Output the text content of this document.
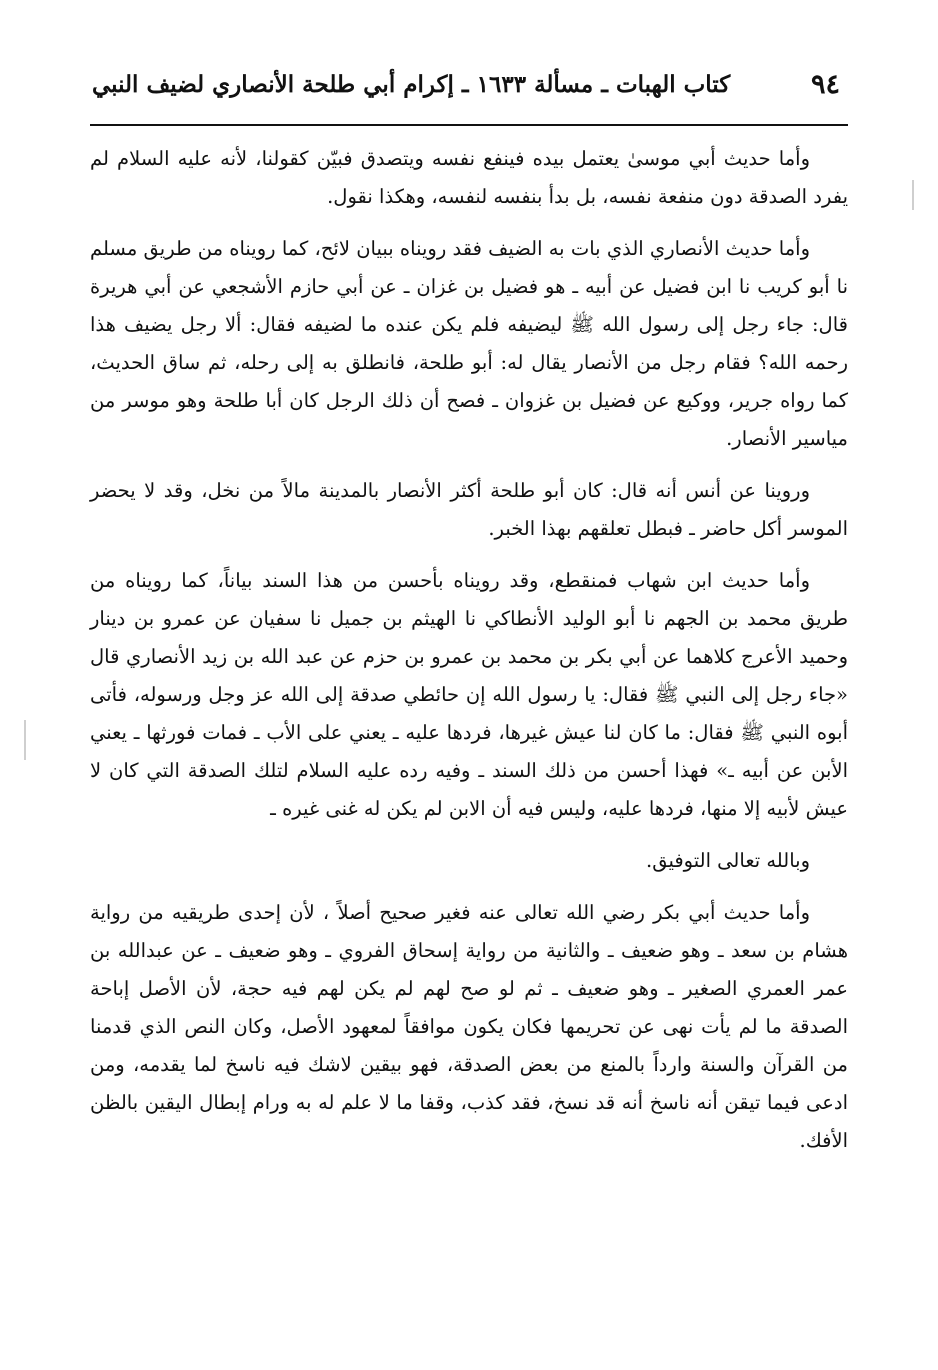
٩٤
كتاب الهبات ـ مسألة ١٦٣٣ ـ إكرام أبي طلحة الأنصاري لضيف النبي

وأما حديث أبي موسىٰ يعتمل بيده فينفع نفسه ويتصدق فبيّن كقولنا، لأنه عليه السلام لم يفرد الصدقة دون منفعة نفسه، بل بدأ بنفسه لنفسه، وهكذا نقول.

وأما حديث الأنصاري الذي بات به الضيف فقد رويناه ببيان لائح، كما رويناه من طريق مسلم نا أبو كريب نا ابن فضيل عن أبيه ـ هو فضيل بن غزان ـ عن أبي حازم الأشجعي عن أبي هريرة قال: جاء رجل إلى رسول الله ﷺ ليضيفه فلم يكن عنده ما لضيفه فقال: ألا رجل يضيف هذا رحمه الله؟ فقام رجل من الأنصار يقال له: أبو طلحة، فانطلق به إلى رحله، ثم ساق الحديث، كما رواه جرير، ووكيع عن فضيل بن غزوان ـ فصح أن ذلك الرجل كان أبا طلحة وهو موسر من مياسير الأنصار.

وروينا عن أنس أنه قال: كان أبو طلحة أكثر الأنصار بالمدينة مالاً من نخل، وقد لا يحضر الموسر أكل حاضر ـ فبطل تعلقهم بهذا الخبر.

وأما حديث ابن شهاب فمنقطع، وقد رويناه بأحسن من هذا السند بياناً، كما رويناه من طريق محمد بن الجهم نا أبو الوليد الأنطاكي نا الهيثم بن جميل نا سفيان عن عمرو بن دينار وحميد الأعرج كلاهما عن أبي بكر بن محمد بن عمرو بن حزم عن عبد الله بن زيد الأنصاري قال «جاء رجل إلى النبي ﷺ فقال: يا رسول الله إن حائطي صدقة إلى الله عز وجل ورسوله، فأتى أبوه النبي ﷺ فقال: ما كان لنا عيش غيرها، فردها عليه ـ يعني على الأب ـ فمات فورثها ـ يعني الأبن عن أبيه ـ» فهذا أحسن من ذلك السند ـ وفيه رده عليه السلام لتلك الصدقة التي كان لا عيش لأبيه إلا منها، فردها عليه، وليس فيه أن الابن لم يكن له غنى غيره ـ

وبالله تعالى التوفيق.

وأما حديث أبي بكر رضي الله تعالى عنه فغير صحيح أصلاً ، لأن إحدى طريقيه من رواية هشام بن سعد ـ وهو ضعيف ـ والثانية من رواية إسحاق الفروي ـ وهو ضعيف ـ عن عبدالله بن عمر العمري الصغير ـ وهو ضعيف ـ ثم لو صح لهم لم يكن لهم فيه حجة، لأن الأصل إباحة الصدقة ما لم يأت نهى عن تحريمها فكان يكون موافقاً لمعهود الأصل، وكان النص الذي قدمنا من القرآن والسنة وارداً بالمنع من بعض الصدقة، فهو بيقين لاشك فيه ناسخ لما يقدمه، ومن ادعى فيما تيقن أنه ناسخ أنه قد نسخ، فقد كذب، وقفا ما لا علم له به ورام إبطال اليقين بالظن الأفك.
